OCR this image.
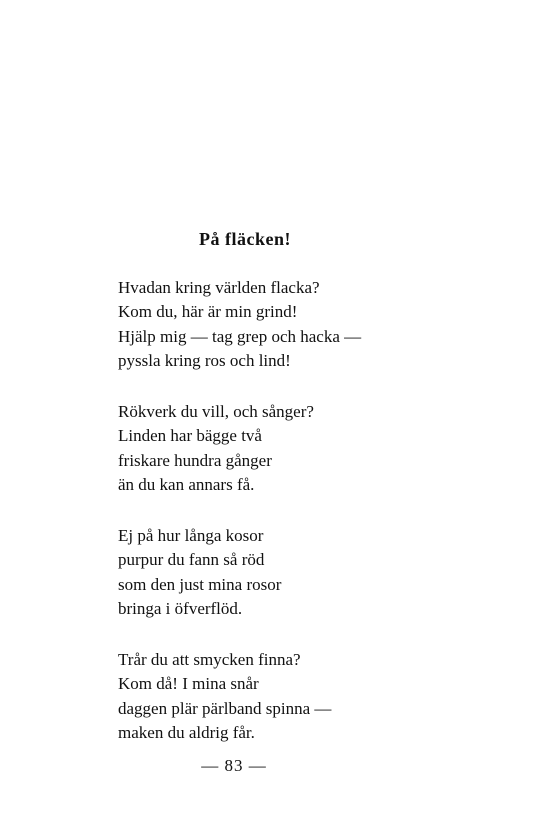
På fläcken!
Hvadan kring världen flacka?
Kom du, här är min grind!
Hjälp mig — tag grep och hacka —
pyssla kring ros och lind!
Rökverk du vill, och sånger?
Linden har bägge två
friskare hundra gånger
än du kan annars få.
Ej på hur långa kosor
purpur du fann så röd
som den just mina rosor
bringa i öfverflöd.
Trår du att smycken finna?
Kom då! I mina snår
daggen plär pärlband spinna —
maken du aldrig får.
— 83 —
